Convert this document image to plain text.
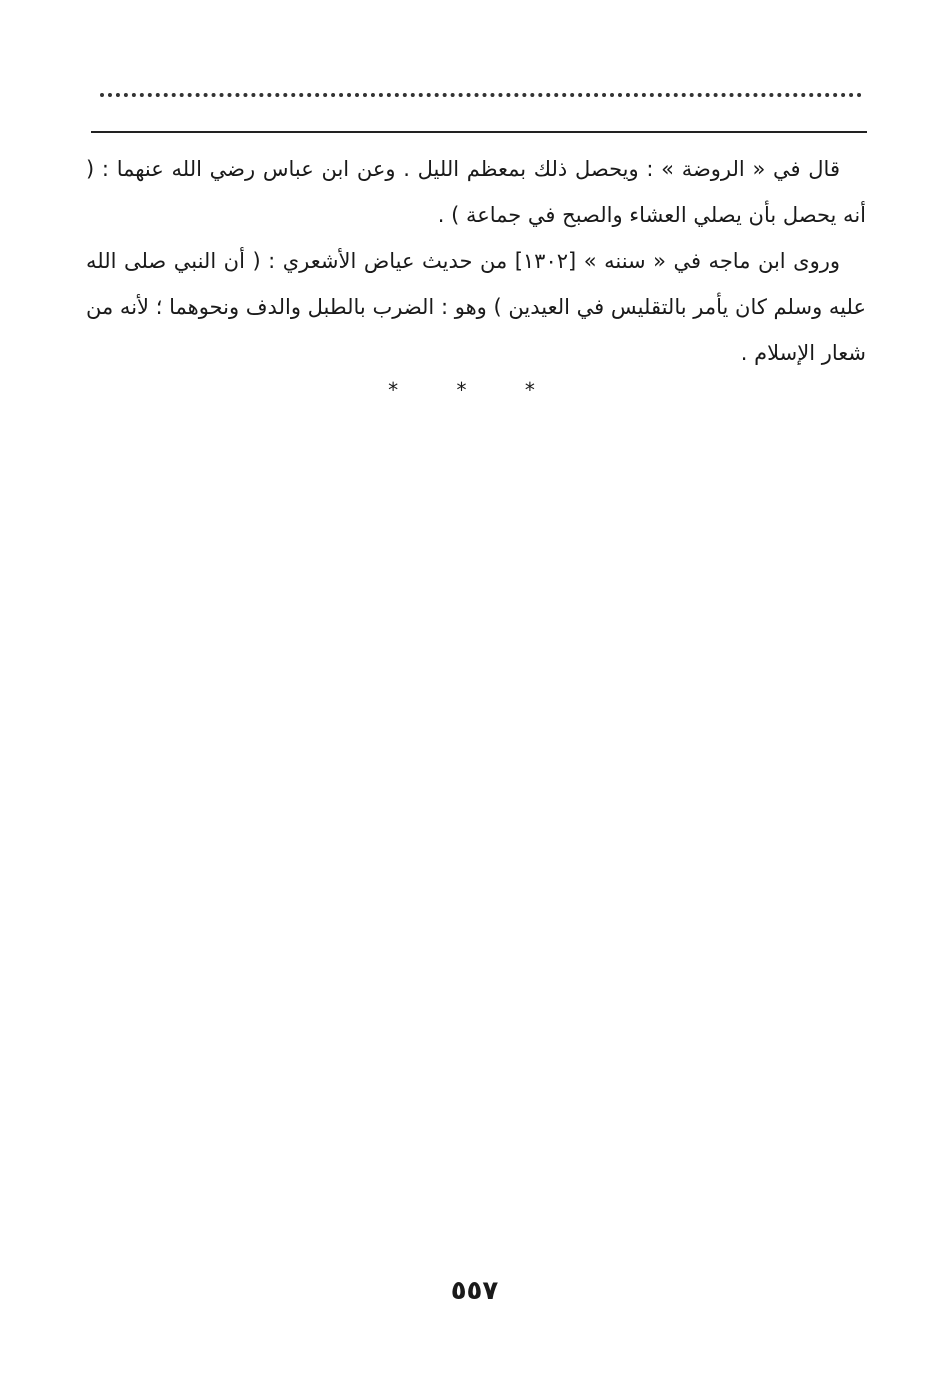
قال في « الروضة » : ويحصل ذلك بمعظم الليل . وعن ابن عباس رضي الله عنهما : ( أنه يحصل بأن يصلي العشاء والصبح في جماعة ) .

وروى ابن ماجه في « سننه » [١٣٠٢] من حديث عياض الأشعري : ( أن النبي صلى الله عليه وسلم كان يأمر بالتقليس في العيدين ) وهو : الضرب بالطبل والدف ونحوهما ؛ لأنه من شعار الإسلام .

* * *
٥٥٧
